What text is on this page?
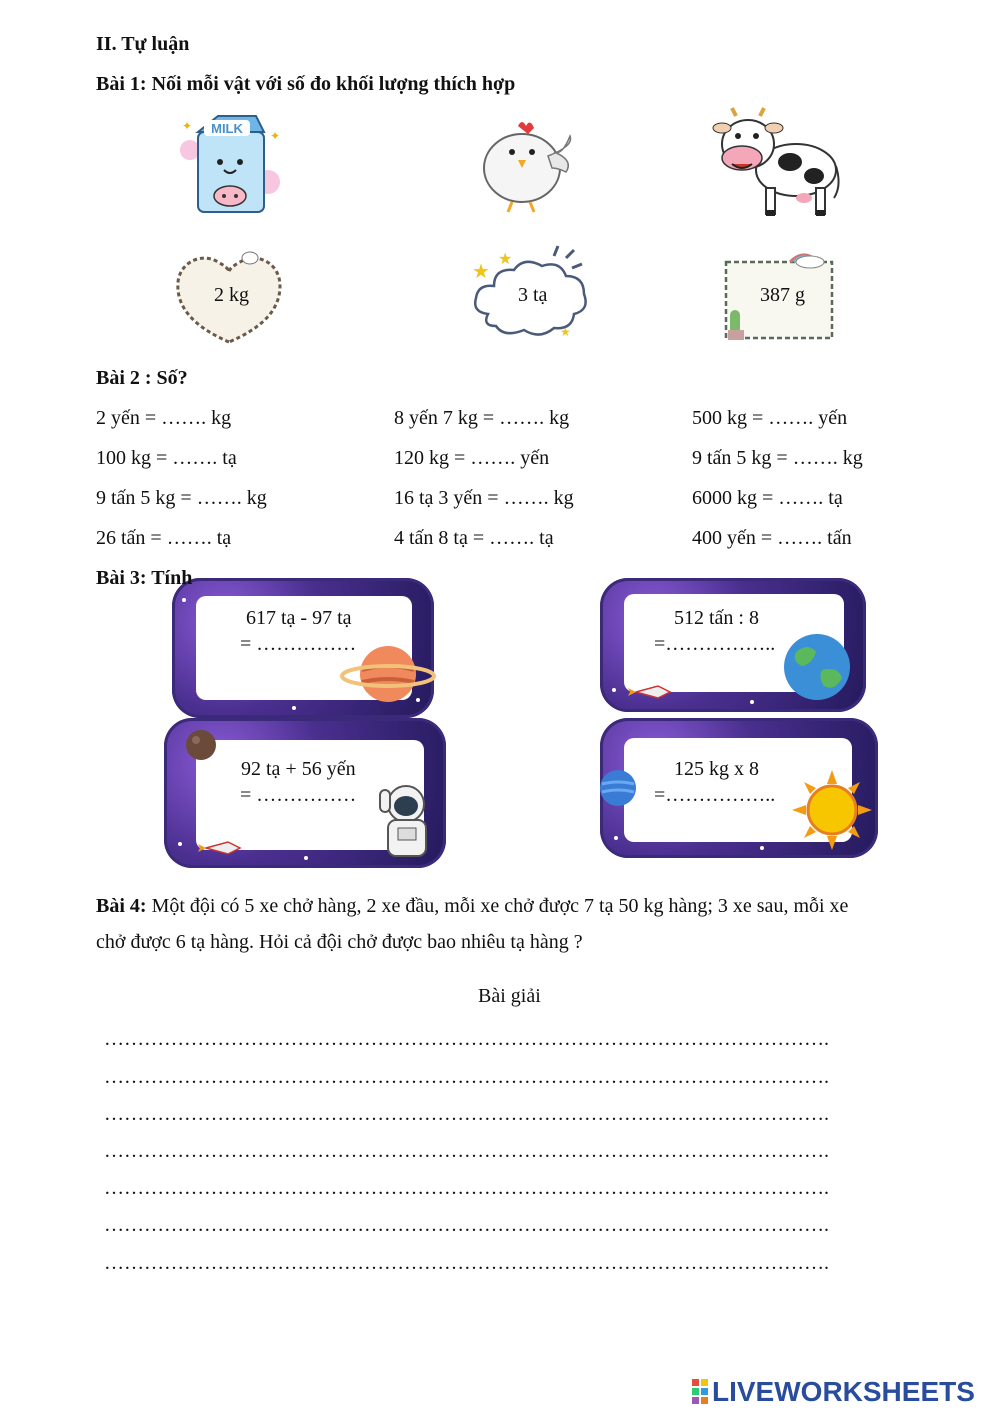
II. Tự luận
Bài 1: Nối mỗi vật với số đo khối lượng thích hợp
MILK
✦
✦
2 kg
★
★
★
3 tạ	387 g
Bài 2 : Số?
2 yến = ……. kg	8 yến 7 kg = ……. kg	500 kg = ……. yến
100 kg = ……. tạ	120 kg = ……. yến	9 tấn 5 kg = ……. kg
9 tấn 5 kg = ……. kg	16 tạ 3 yến = ……. kg	6000 kg = ……. tạ
26 tấn = ……. tạ	4 tấn 8 tạ = ……. tạ	400 yến = ……. tấn
Bài 3: Tính
617 tạ - 97 tạ
= ……………
512 tấn : 8
=……………..
92 tạ + 56 yến
= ……………
125 kg x 8
=……………..
Bài 4: Một đội có 5 xe chở hàng, 2 xe đầu, mỗi xe chở được 7 tạ 50 kg hàng; 3 xe sau, mỗi xe
chở được 6 tạ hàng. Hỏi cả đội chở được bao nhiêu tạ hàng ?
Bài giải
……………………………………………………………………………………………….
……………………………………………………………………………………………….
……………………………………………………………………………………………….
……………………………………………………………………………………………….
……………………………………………………………………………………………….
……………………………………………………………………………………………….
……………………………………………………………………………………………….
LIVEWORKSHEETS
